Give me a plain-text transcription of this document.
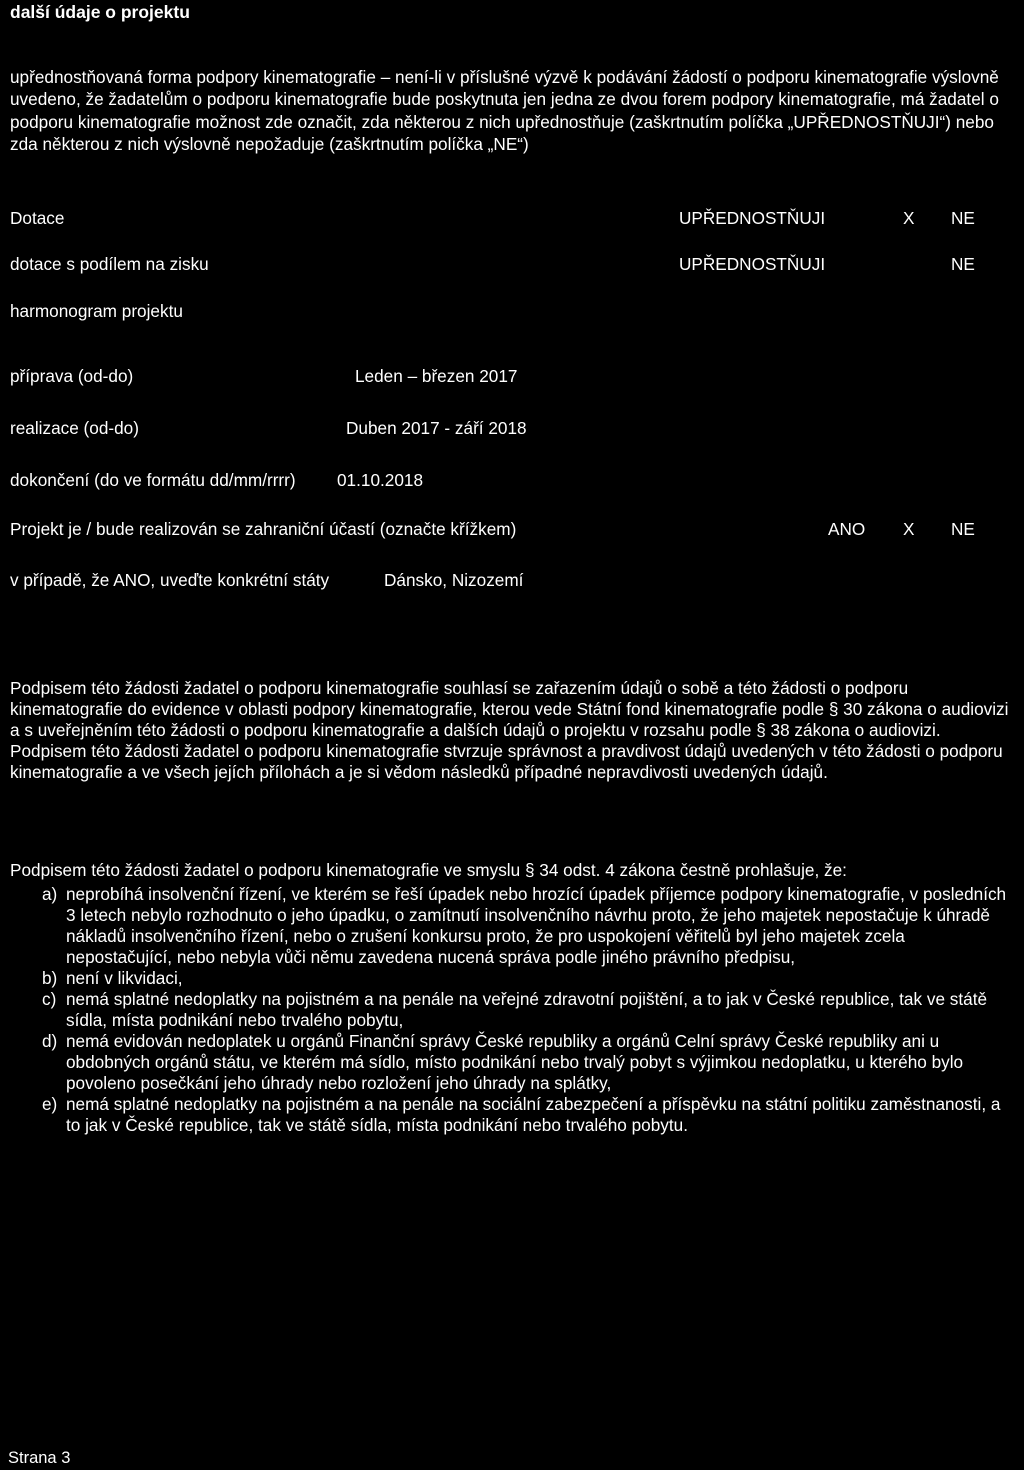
další údaje o projektu
upřednostňovaná forma podpory kinematografie – není-li v příslušné výzvě k podávání žádostí o podporu kinematografie výslovně uvedeno, že žadatelům o podporu kinematografie bude poskytnuta jen jedna ze dvou forem podpory kinematografie, má žadatel o podporu kinematografie možnost zde označit, zda některou z nich upřednostňuje (zaškrtnutím políčka „UPŘEDNOSTŇUJI“) nebo zda některou z nich výslovně nepožaduje (zaškrtnutím políčka „NE“)
Dotace	UPŘEDNOSTŇUJI	X NE
dotace s podílem na zisku	UPŘEDNOSTŇUJI	NE
harmonogram projektu
příprava (od-do)	Leden – březen 2017
realizace (od-do)	Duben 2017 - září 2018
dokončení (do ve formátu dd/mm/rrrr) 01.10.2018
Projekt je / bude realizován se zahraniční účastí (označte křížkem)	ANO X NE
v případě, že ANO, uveďte konkrétní státy	Dánsko, Nizozemí
Podpisem této žádosti žadatel o podporu kinematografie souhlasí se zařazením údajů o sobě a této žádosti o podporu kinematografie do evidence v oblasti podpory kinematografie, kterou vede Státní fond kinematografie podle § 30 zákona o audiovizi a s uveřejněním této žádosti o podporu kinematografie a dalších údajů o projektu v rozsahu podle § 38 zákona o audiovizi. Podpisem této žádosti žadatel o podporu kinematografie stvrzuje správnost a pravdivost údajů uvedených v této žádosti o podporu kinematografie a ve všech jejích přílohách a je si vědom následků případné nepravdivosti uvedených údajů.
Podpisem této žádosti žadatel o podporu kinematografie ve smyslu § 34 odst. 4 zákona čestně prohlašuje, že:
a) neprobíhá insolvenční řízení, ve kterém se řeší úpadek nebo hrozící úpadek příjemce podpory kinematografie, v posledních 3 letech nebylo rozhodnuto o jeho úpadku, o zamítnutí insolvenčního návrhu proto, že jeho majetek nepostačuje k úhradě nákladů insolvenčního řízení, nebo o zrušení konkursu proto, že pro uspokojení věřitelů byl jeho majetek zcela nepostačující, nebo nebyla vůči němu zavedena nucená správa podle jiného právního předpisu,
b) není v likvidaci,
c) nemá splatné nedoplatky na pojistném a na penále na veřejné zdravotní pojištění, a to jak v České republice, tak ve státě sídla, místa podnikání nebo trvalého pobytu,
d) nemá evidován nedoplatek u orgánů Finanční správy České republiky a orgánů Celní správy České republiky ani u obdobných orgánů státu, ve kterém má sídlo, místo podnikání nebo trvalý pobyt s výjimkou nedoplatku, u kterého bylo povoleno posečkání jeho úhrady nebo rozložení jeho úhrady na splátky,
e) nemá splatné nedoplatky na pojistném a na penále na sociální zabezpečení a příspěvku na státní politiku zaměstnanosti, a to jak v České republice, tak ve státě sídla, místa podnikání nebo trvalého pobytu.
Strana 3
